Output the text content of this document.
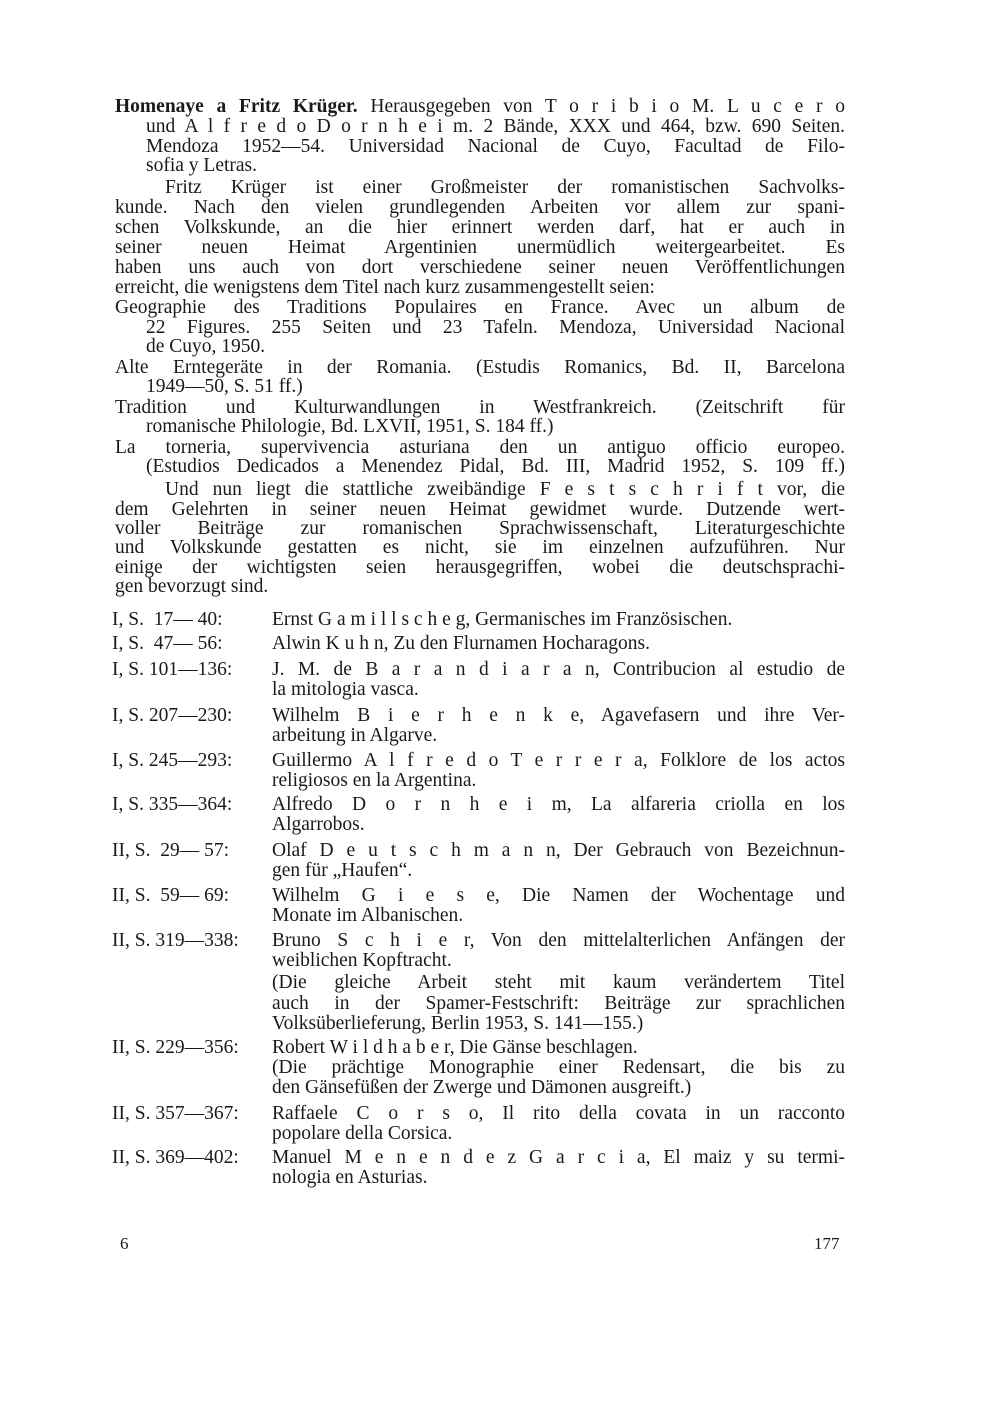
Homenaye a Fritz Krüger. Herausgegeben von T o r i b i o M. L u c e r o
und A l f r e d o D o r n h e i m. 2 Bände, XXX und 464, bzw. 690 Seiten.
Mendoza 1952—54. Universidad Nacional de Cuyo, Facultad de Filo-
sofia y Letras.
Fritz Krüger ist einer Großmeister der romanistischen Sachvolks-
kunde. Nach den vielen grundlegenden Arbeiten vor allem zur spani-
schen Volkskunde, an die hier erinnert werden darf, hat er auch in
seiner neuen Heimat Argentinien unermüdlich weitergearbeitet. Es
haben uns auch von dort verschiedene seiner neuen Veröffentlichungen
erreicht, die wenigstens dem Titel nach kurz zusammengestellt seien:
Geographie des Traditions Populaires en France. Avec un album de
22 Figures. 255 Seiten und 23 Tafeln. Mendoza, Universidad Nacional
de Cuyo, 1950.
Alte Erntegeräte in der Romania. (Estudis Romanics, Bd. II, Barcelona
1949—50, S. 51 ff.)
Tradition und Kulturwandlungen in Westfrankreich. (Zeitschrift für
romanische Philologie, Bd. LXVII, 1951, S. 184 ff.)
La torneria, supervivencia asturiana den un antiguo officio europeo.
(Estudios Dedicados a Menendez Pidal, Bd. III, Madrid 1952, S. 109 ff.)
Und nun liegt die stattliche zweibändige F e s t s c h r i f t vor, die
dem Gelehrten in seiner neuen Heimat gewidmet wurde. Dutzende wert-
voller Beiträge zur romanischen Sprachwissenschaft, Literaturgeschichte
und Volkskunde gestatten es nicht, sie im einzelnen aufzuführen. Nur
einige der wichtigsten seien herausgegriffen, wobei die deutschsprachi-
gen bevorzugt sind.
I, S.  17— 40:	Ernst G a m i l l s c h e g, Germanisches im Französischen.
I, S.  47— 56:	Alwin K u h n, Zu den Flurnamen Hocharagons.
I, S. 101—136:	J. M. de B a r a n d i a r a n, Contribucion al estudio de
la mitologia vasca.
I, S. 207—230:	Wilhelm B i e r h e n k e, Agavefasern und ihre Ver-
arbeitung in Algarve.
I, S. 245—293:	Guillermo A l f r e d o T e r r e r a, Folklore de los actos
religiosos en la Argentina.
I, S. 335—364:	Alfredo D o r n h e i m, La alfareria criolla en los
Algarrobos.
II, S.  29— 57:	Olaf D e u t s c h m a n n, Der Gebrauch von Bezeichnun-
gen für „Haufen“.
II, S.  59— 69:	Wilhelm G i e s e, Die Namen der Wochentage und
Monate im Albanischen.
II, S. 319—338:	Bruno S c h i e r, Von den mittelalterlichen Anfängen der
weiblichen Kopftracht.
(Die gleiche Arbeit steht mit kaum verändertem Titel
auch in der Spamer-Festschrift: Beiträge zur sprachlichen
Volksüberlieferung, Berlin 1953, S. 141—155.)
II, S. 229—356:	Robert W i l d h a b e r, Die Gänse beschlagen.
(Die prächtige Monographie einer Redensart, die bis zu
den Gänsefüßen der Zwerge und Dämonen ausgreift.)
II, S. 357—367:	Raffaele C o r s o, Il rito della covata in un racconto
popolare della Corsica.
II, S. 369—402:	Manuel M e n e n d e z G a r c i a, El maiz y su termi-
nologia en Asturias.
6	177
